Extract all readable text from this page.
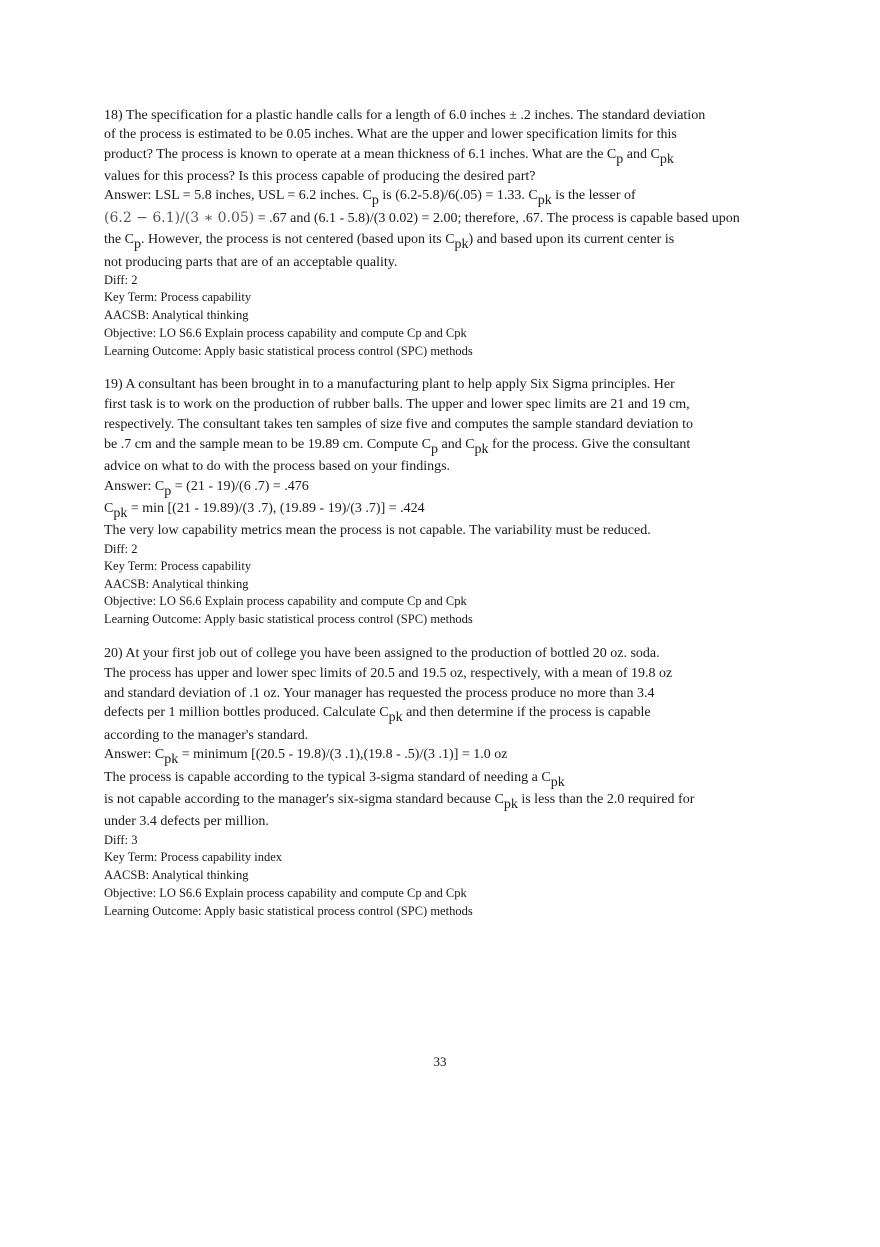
18) The specification for a plastic handle calls for a length of 6.0 inches ± .2 inches. The standard deviation
of the process is estimated to be 0.05 inches. What are the upper and lower specification limits for this
product? The process is known to operate at a mean thickness of 6.1 inches. What are the Cp and Cpk
values for this process? Is this process capable of producing the desired part?
Answer: LSL = 5.8 inches, USL = 6.2 inches. Cp is (6.2-5.8)/6(.05) = 1.33. Cpk is the lesser of
(6.2 − 6.1)/(3 ∗ 0.05) = .67 and (6.1 - 5.8)/(3 0.02) = 2.00; therefore, .67. The process is capable based upon
the Cp. However, the process is not centered (based upon its Cpk) and based upon its current center is
not producing parts that are of an acceptable quality.
Diff: 2
Key Term: Process capability
AACSB: Analytical thinking
Objective: LO S6.6 Explain process capability and compute Cp and Cpk
Learning Outcome: Apply basic statistical process control (SPC) methods
19) A consultant has been brought in to a manufacturing plant to help apply Six Sigma principles. Her
first task is to work on the production of rubber balls. The upper and lower spec limits are 21 and 19 cm,
respectively. The consultant takes ten samples of size five and computes the sample standard deviation to
be .7 cm and the sample mean to be 19.89 cm. Compute Cp and Cpk for the process. Give the consultant
advice on what to do with the process based on your findings.
Answer: Cp = (21 - 19)/(6 .7) = .476
Cpk = min [(21 - 19.89)/(3 .7), (19.89 - 19)/(3 .7)] = .424
The very low capability metrics mean the process is not capable. The variability must be reduced.
Diff: 2
Key Term: Process capability
AACSB: Analytical thinking
Objective: LO S6.6 Explain process capability and compute Cp and Cpk
Learning Outcome: Apply basic statistical process control (SPC) methods
20) At your first job out of college you have been assigned to the production of bottled 20 oz. soda.
The process has upper and lower spec limits of 20.5 and 19.5 oz, respectively, with a mean of 19.8 oz
and standard deviation of .1 oz. Your manager has requested the process produce no more than 3.4
defects per 1 million bottles produced. Calculate Cpk and then determine if the process is capable
according to the manager's standard.
Answer: Cpk = minimum [(20.5 - 19.8)/(3 .1),(19.8 - .5)/(3 .1)] = 1.0 oz
The process is capable according to the typical 3-sigma standard of needing a Cpk
is not capable according to the manager's six-sigma standard because Cpk is less than the 2.0 required for
under 3.4 defects per million.
Diff: 3
Key Term: Process capability index
AACSB: Analytical thinking
Objective: LO S6.6 Explain process capability and compute Cp and Cpk
Learning Outcome: Apply basic statistical process control (SPC) methods
33
